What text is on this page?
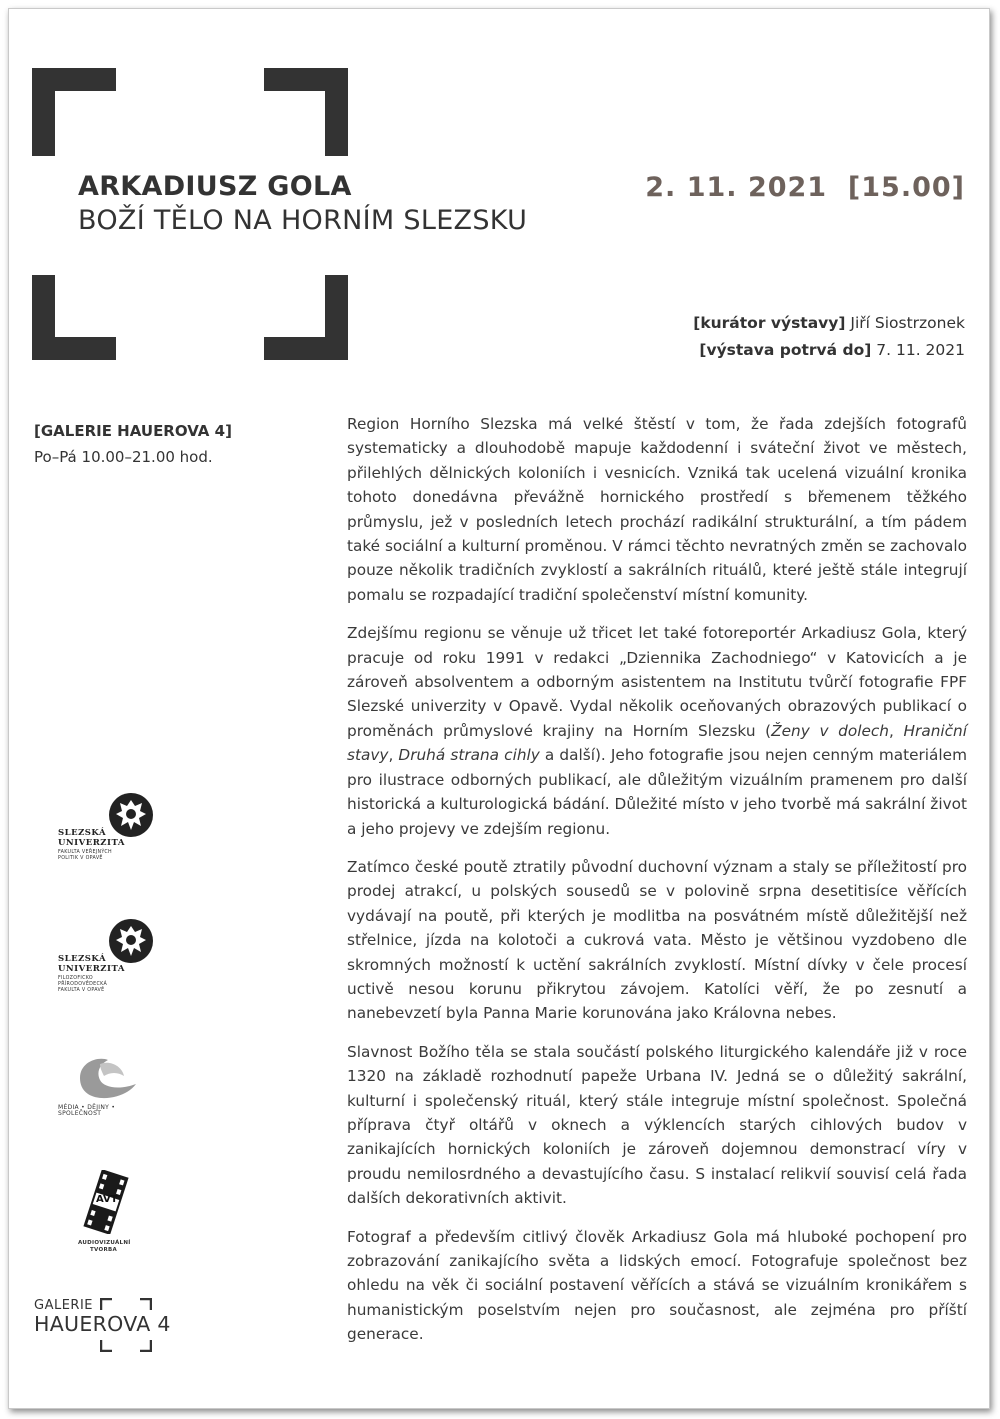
ARKADIUSZ GOLA
BOŽÍ TĚLO NA HORNÍM SLEZSKU
2. 11. 2021 [15.00]
[kurátor výstavy] Jiří Siostrzonek
[výstava potrvá do] 7. 11. 2021
[GALERIE HAUEROVA 4]
Po–Pá 10.00–21.00 hod.

Region Horního Slezska má velké štěstí v tom, že řada zdejších fotografů systematicky a dlouhodobě mapuje každodenní i sváteční život ve městech, přilehlých dělnických koloniích i vesnicích. Vzniká tak ucelená vizuální kronika tohoto donedávna převážně hornického prostředí s břemenem těžkého průmyslu, jež v posledních letech prochází radikální strukturální, a tím pádem také sociální a kulturní proměnou. V rámci těchto nevratných změn se zachovalo pouze několik tradičních zvyklostí a sakrálních rituálů, které ještě stále integrují pomalu se rozpadající tradiční společenství místní komunity.

Zdejšímu regionu se věnuje už třicet let také fotoreportér Arkadiusz Gola, který pracuje od roku 1991 v redakci „Dziennika Zachodniego“ v Katovicích a je zároveň absolventem a odborným asistentem na Institutu tvůrčí fotografie FPF Slezské univerzity v Opavě. Vydal několik oceňovaných obrazových publikací o proměnách průmyslové krajiny na Horním Slezsku (Ženy v dolech, Hraniční stavy, Druhá strana cihly a další). Jeho fotografie jsou nejen cenným materiálem pro ilustrace odborných publikací, ale důležitým vizuálním pramenem pro další historická a kulturologická bádání. Důležité místo v jeho tvorbě má sakrální život a jeho projevy ve zdejším regionu.

Zatímco české poutě ztratily původní duchovní význam a staly se příležitostí pro prodej atrakcí, u polských sousedů se v polovině srpna desetitisíce věřících vydávají na poutě, při kterých je modlitba na posvátném místě důležitější než střelnice, jízda na kolotoči a cukrová vata. Město je většinou vyzdobeno dle skromných možností k uctění sakrálních zvyklostí. Místní dívky v čele procesí uctivě nesou korunu přikrytou závojem. Katolíci věří, že po zesnutí a nanebevzetí byla Panna Marie korunována jako Královna nebes.

Slavnost Božího těla se stala součástí polského liturgického kalendáře již v roce 1320 na základě rozhodnutí papeže Urbana IV. Jedná se o důležitý sakrální, kulturní i společenský rituál, který stále integruje místní společnost. Společná příprava čtyř oltářů v oknech a výklencích starých cihlových budov v zanikajících hornických koloniích je zároveň dojemnou demonstrací víry v proudu nemilosrdného a devastujícího času. S instalací relikvií souvisí celá řada dalších dekorativních aktivit.

Fotograf a především citlivý člověk Arkadiusz Gola má hluboké pochopení pro zobrazování zanikajícího světa a lidských emocí. Fotografuje společnost bez ohledu na věk či sociální postavení věřících a stává se vizuálním kronikářem s humanistickým poselstvím nejen pro současnost, ale zejména pro příští generace.

SLEZSKÁ
UNIVERZITA
FAKULTA VEŘEJNÝCH
POLITIK V OPAVĚ
SLEZSKÁ
UNIVERZITA
FILOZOFICKO
PŘÍRODOVĚDECKÁ
FAKULTA V OPAVĚ
MÉDIA • DĚJINY • SPOLEČNOST
AVT
AUDIOVIZUÁLNÍ
TVORBA
GALERIE
HAUEROVA 4
